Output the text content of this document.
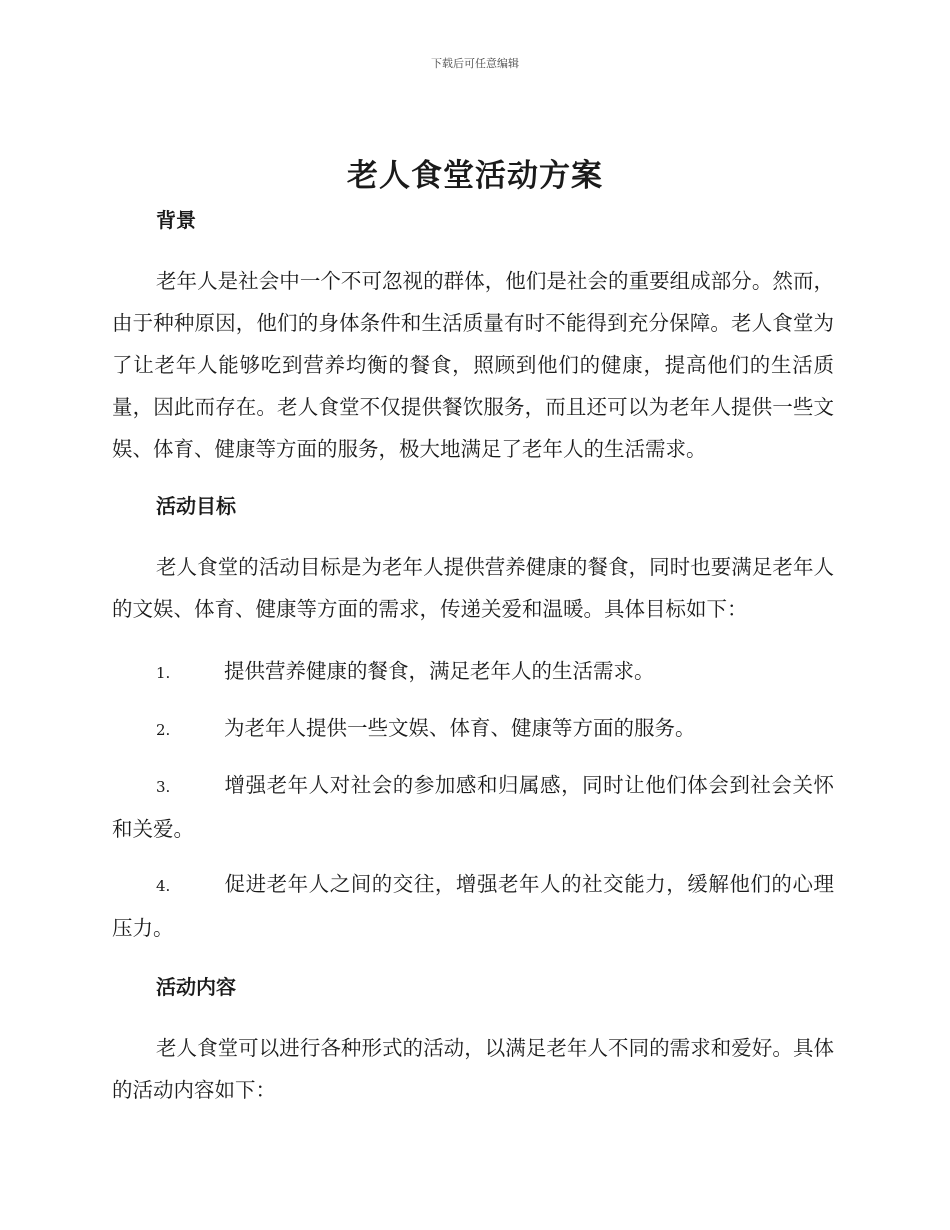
下载后可任意编辑
老人食堂活动方案
背景

老年人是社会中一个不可忽视的群体，他们是社会的重要组成部分。然而，由于种种原因，他们的身体条件和生活质量有时不能得到充分保障。老人食堂为了让老年人能够吃到营养均衡的餐食，照顾到他们的健康，提高他们的生活质量，因此而存在。老人食堂不仅提供餐饮服务，而且还可以为老年人提供一些文娱、体育、健康等方面的服务，极大地满足了老年人的生活需求。

活动目标

老人食堂的活动目标是为老年人提供营养健康的餐食，同时也要满足老年人的文娱、体育、健康等方面的需求，传递关爱和温暖。具体目标如下：

1.	提供营养健康的餐食，满足老年人的生活需求。
2.	为老年人提供一些文娱、体育、健康等方面的服务。
3.	增强老年人对社会的参加感和归属感，同时让他们体会到社会关怀和关爱。
4.	促进老年人之间的交往，增强老年人的社交能力，缓解他们的心理压力。
活动内容

老人食堂可以进行各种形式的活动，以满足老年人不同的需求和爱好。具体的活动内容如下：
